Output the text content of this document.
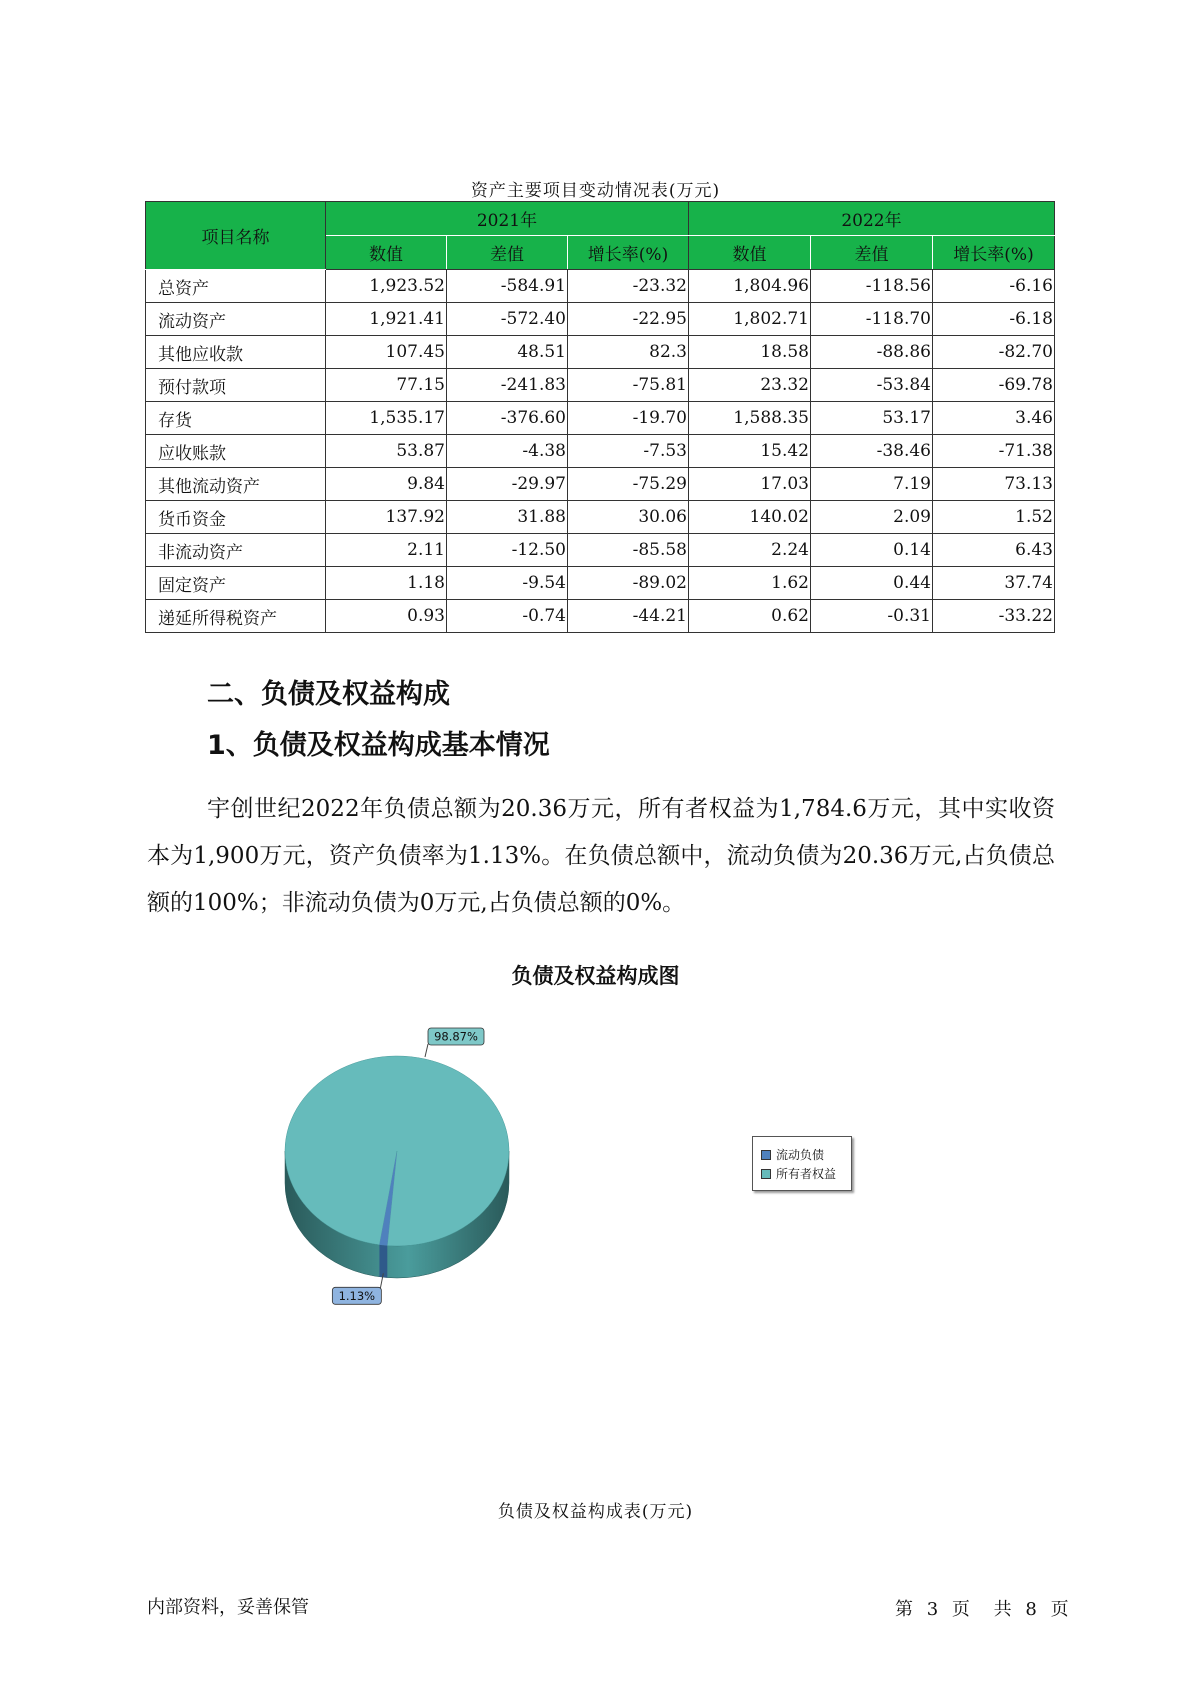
资产主要项目变动情况表(万元)
项目名称	2021年			2022年		
	数值	差值	增长率(%)	数值	差值	增长率(%)
总资产	1,923.52	-584.91	-23.32	1,804.96	-118.56	-6.16
流动资产	1,921.41	-572.40	-22.95	1,802.71	-118.70	-6.18
其他应收款	107.45	48.51	82.3	18.58	-88.86	-82.70
预付款项	77.15	-241.83	-75.81	23.32	-53.84	-69.78
存货	1,535.17	-376.60	-19.70	1,588.35	53.17	3.46
应收账款	53.87	-4.38	-7.53	15.42	-38.46	-71.38
其他流动资产	9.84	-29.97	-75.29	17.03	7.19	73.13
货币资金	137.92	31.88	30.06	140.02	2.09	1.52
非流动资产	2.11	-12.50	-85.58	2.24	0.14	6.43
固定资产	1.18	-9.54	-89.02	1.62	0.44	37.74
递延所得税资产	0.93	-0.74	-44.21	0.62	-0.31	-33.22
二、负债及权益构成
1、负债及权益构成基本情况

宇创世纪2022年负债总额为20.36万元，所有者权益为1,784.6万元，其中实收资本为1,900万元，资产负债率为1.13%。在负债总额中，流动负债为20.36万元,占负债总额的100%；非流动负债为0万元,占负债总额的0%。

负债及权益构成图
98.87%
1.13%
流动负债
所有者权益
负债及权益构成表(万元)
内部资料，妥善保管	第 3 页 共 8 页
